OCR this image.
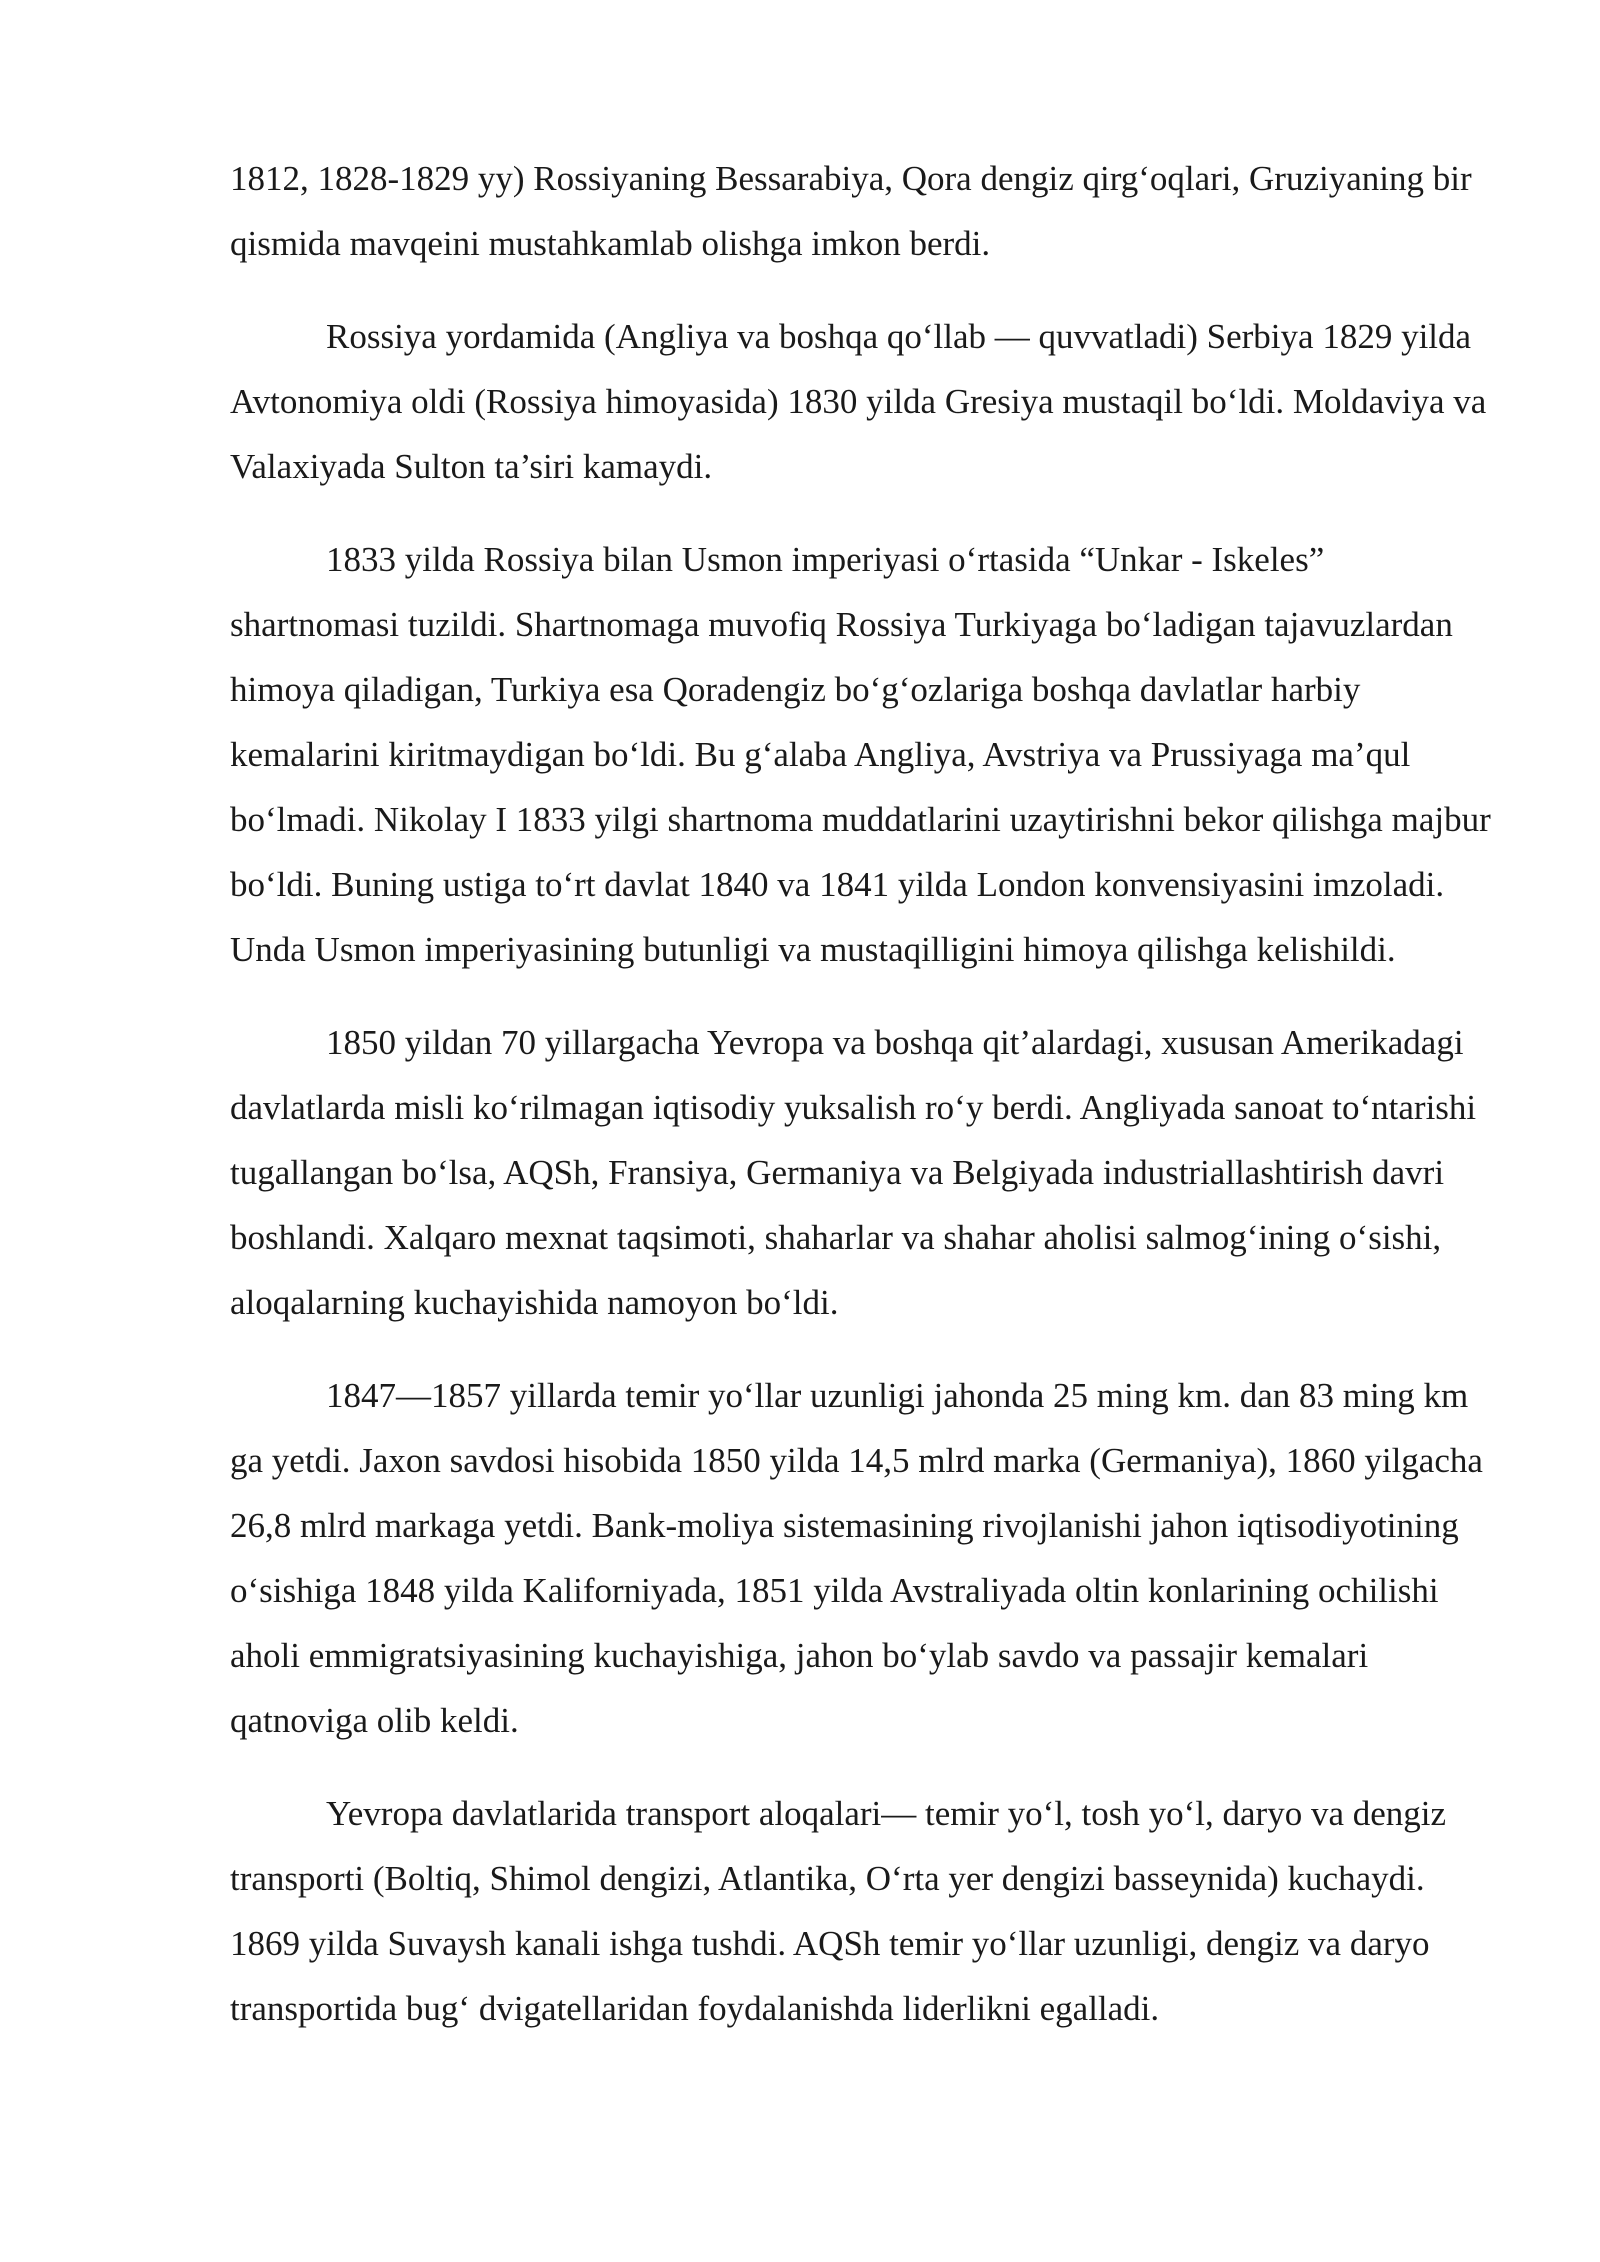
1812, 1828-1829 yy) Rossiyaning Bessarabiya, Qora dengiz qirg‘oqlari, Gruziyaning bir qismida mavqeini mustahkamlab olishga imkon berdi.

Rossiya yordamida (Angliya va boshqa qo‘llab — quvvatladi) Serbiya 1829 yilda Avtonomiya oldi (Rossiya himoyasida) 1830 yilda Gresiya mustaqil bo‘ldi. Moldaviya va Valaxiyada Sulton ta’siri kamaydi.

1833 yilda Rossiya bilan Usmon imperiyasi o‘rtasida “Unkar - Iskeles” shartnomasi tuzildi. Shartnomaga muvofiq Rossiya Turkiyaga bo‘ladigan tajavuzlardan himoya qiladigan, Turkiya esa Qoradengiz bo‘g‘ozlariga boshqa davlatlar harbiy kemalarini kiritmaydigan bo‘ldi. Bu g‘alaba Angliya, Avstriya va Prussiyaga ma’qul bo‘lmadi. Nikolay I 1833 yilgi shartnoma muddatlarini uzaytirishni bekor qilishga majbur bo‘ldi. Buning ustiga to‘rt davlat 1840 va 1841 yilda London konvensiyasini imzoladi. Unda Usmon imperiyasining butunligi va mustaqilligini himoya qilishga kelishildi.

1850 yildan 70 yillargacha Yevropa va boshqa qit’alardagi, xususan Amerikadagi davlatlarda misli ko‘rilmagan iqtisodiy yuksalish ro‘y berdi. Angliyada sanoat to‘ntarishi tugallangan bo‘lsa, AQSh, Fransiya, Germaniya va Belgiyada industriallashtirish davri boshlandi. Xalqaro mexnat taqsimoti, shaharlar va shahar aholisi salmog‘ining o‘sishi, aloqalarning kuchayishida namoyon bo‘ldi.

1847—1857 yillarda temir yo‘llar uzunligi jahonda 25 ming km. dan 83 ming km ga yetdi. Jaxon savdosi hisobida 1850 yilda 14,5 mlrd marka (Germaniya), 1860 yilgacha 26,8 mlrd markaga yetdi. Bank-moliya sistemasining rivojlanishi jahon iqtisodiyotining o‘sishiga 1848 yilda Kaliforniyada, 1851 yilda Avstraliyada oltin konlarining ochilishi aholi emmigratsiyasining kuchayishiga, jahon bo‘ylab savdo va passajir kemalari qatnoviga olib keldi.

Yevropa davlatlarida transport aloqalari— temir yo‘l, tosh yo‘l, daryo va dengiz transporti (Boltiq, Shimol dengizi, Atlantika, O‘rta yer dengizi basseynida) kuchaydi. 1869 yilda Suvaysh kanali ishga tushdi. AQSh temir yo‘llar uzunligi, dengiz va daryo transportida bug‘ dvigatellaridan foydalanishda liderlikni egalladi.
